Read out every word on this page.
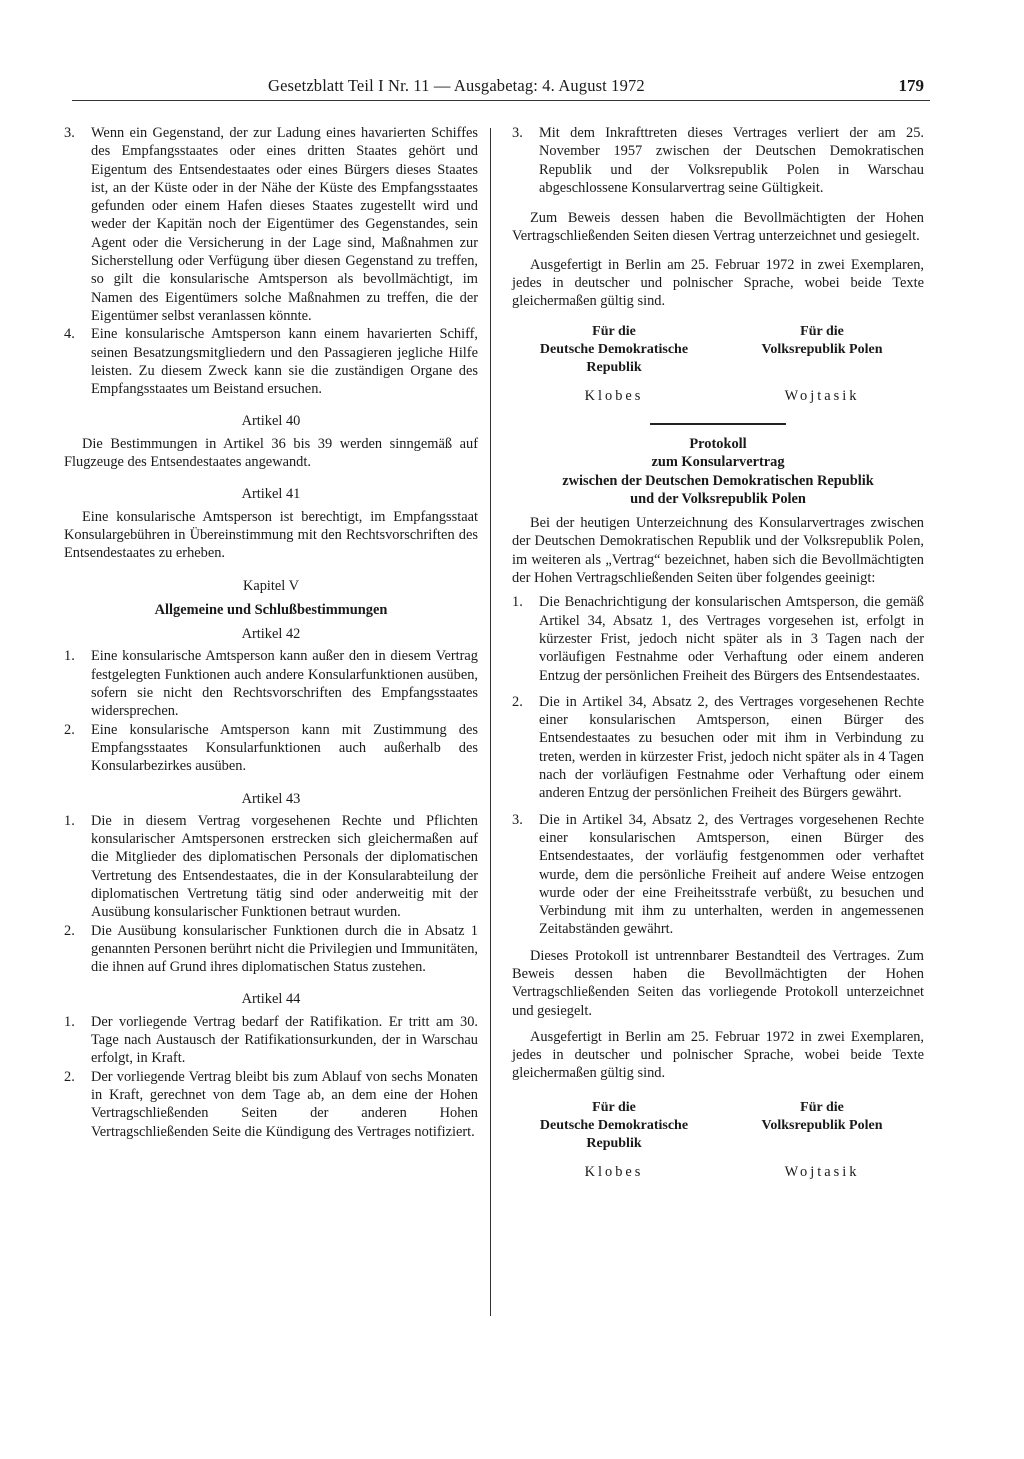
Gesetzblatt Teil I Nr. 11 — Ausgabetag: 4. August 1972	179
3.	Wenn ein Gegenstand, der zur Ladung eines havarierten Schiffes des Empfangsstaates oder eines dritten Staates gehört und Eigentum des Entsendestaates oder eines Bürgers dieses Staates ist, an der Küste oder in der Nähe der Küste des Empfangsstaates gefunden oder einem Hafen dieses Staates zugestellt wird und weder der Kapitän noch der Eigentümer des Gegenstandes, sein Agent oder die Versicherung in der Lage sind, Maßnahmen zur Sicherstellung oder Verfügung über diesen Gegenstand zu treffen, so gilt die konsularische Amtsperson als bevollmächtigt, im Namen des Eigentümers solche Maßnahmen zu treffen, die der Eigentümer selbst veranlassen könnte.
4.	Eine konsularische Amtsperson kann einem havarierten Schiff, seinen Besatzungsmitgliedern und den Passagieren jegliche Hilfe leisten. Zu diesem Zweck kann sie die zuständigen Organe des Empfangsstaates um Beistand ersuchen.
Artikel 40
Die Bestimmungen in Artikel 36 bis 39 werden sinngemäß auf Flugzeuge des Entsendestaates angewandt.
Artikel 41
Eine konsularische Amtsperson ist berechtigt, im Empfangsstaat Konsulargebühren in Übereinstimmung mit den Rechtsvorschriften des Entsendestaates zu erheben.
Kapitel V
Allgemeine und Schlußbestimmungen
Artikel 42
1.	Eine konsularische Amtsperson kann außer den in diesem Vertrag festgelegten Funktionen auch andere Konsularfunktionen ausüben, sofern sie nicht den Rechtsvorschriften des Empfangsstaates widersprechen.
2.	Eine konsularische Amtsperson kann mit Zustimmung des Empfangsstaates Konsularfunktionen auch außerhalb des Konsularbezirkes ausüben.
Artikel 43
1.	Die in diesem Vertrag vorgesehenen Rechte und Pflichten konsularischer Amtspersonen erstrecken sich gleichermaßen auf die Mitglieder des diplomatischen Personals der diplomatischen Vertretung des Entsendestaates, die in der Konsularabteilung der diplomatischen Vertretung tätig sind oder anderweitig mit der Ausübung konsularischer Funktionen betraut wurden.
2.	Die Ausübung konsularischer Funktionen durch die in Absatz 1 genannten Personen berührt nicht die Privilegien und Immunitäten, die ihnen auf Grund ihres diplomatischen Status zustehen.
Artikel 44
1.	Der vorliegende Vertrag bedarf der Ratifikation. Er tritt am 30. Tage nach Austausch der Ratifikationsurkunden, der in Warschau erfolgt, in Kraft.
2.	Der vorliegende Vertrag bleibt bis zum Ablauf von sechs Monaten in Kraft, gerechnet von dem Tage ab, an dem eine der Hohen Vertragschließenden Seiten der anderen Hohen Vertragschließenden Seite die Kündigung des Vertrages notifiziert.
3.	Mit dem Inkrafttreten dieses Vertrages verliert der am 25. November 1957 zwischen der Deutschen Demokratischen Republik und der Volksrepublik Polen in Warschau abgeschlossene Konsularvertrag seine Gültigkeit.
Zum Beweis dessen haben die Bevollmächtigten der Hohen Vertragschließenden Seiten diesen Vertrag unterzeichnet und gesiegelt.
Ausgefertigt in Berlin am 25. Februar 1972 in zwei Exemplaren, jedes in deutscher und polnischer Sprache, wobei beide Texte gleichermaßen gültig sind.
Für die
Deutsche Demokratische Republik
Klobes
Für die
Volksrepublik Polen
Wojtasik
Protokoll
zum Konsularvertrag
zwischen der Deutschen Demokratischen Republik
und der Volksrepublik Polen
Bei der heutigen Unterzeichnung des Konsularvertrages zwischen der Deutschen Demokratischen Republik und der Volksrepublik Polen, im weiteren als „Vertrag“ bezeichnet, haben sich die Bevollmächtigten der Hohen Vertragschließenden Seiten über folgendes geeinigt:
1.	Die Benachrichtigung der konsularischen Amtsperson, die gemäß Artikel 34, Absatz 1, des Vertrages vorgesehen ist, erfolgt in kürzester Frist, jedoch nicht später als in 3 Tagen nach der vorläufigen Festnahme oder Verhaftung oder einem anderen Entzug der persönlichen Freiheit des Bürgers des Entsendestaates.
2.	Die in Artikel 34, Absatz 2, des Vertrages vorgesehenen Rechte einer konsularischen Amtsperson, einen Bürger des Entsendestaates zu besuchen oder mit ihm in Verbindung zu treten, werden in kürzester Frist, jedoch nicht später als in 4 Tagen nach der vorläufigen Festnahme oder Verhaftung oder einem anderen Entzug der persönlichen Freiheit des Bürgers gewährt.
3.	Die in Artikel 34, Absatz 2, des Vertrages vorgesehenen Rechte einer konsularischen Amtsperson, einen Bürger des Entsendestaates, der vorläufig festgenommen oder verhaftet wurde, dem die persönliche Freiheit auf andere Weise entzogen wurde oder der eine Freiheitsstrafe verbüßt, zu besuchen und Verbindung mit ihm zu unterhalten, werden in angemessenen Zeitabständen gewährt.
Dieses Protokoll ist untrennbarer Bestandteil des Vertrages. Zum Beweis dessen haben die Bevollmächtigten der Hohen Vertragschließenden Seiten das vorliegende Protokoll unterzeichnet und gesiegelt.
Ausgefertigt in Berlin am 25. Februar 1972 in zwei Exemplaren, jedes in deutscher und polnischer Sprache, wobei beide Texte gleichermaßen gültig sind.
Für die
Deutsche Demokratische Republik
Klobes
Für die
Volksrepublik Polen
Wojtasik
